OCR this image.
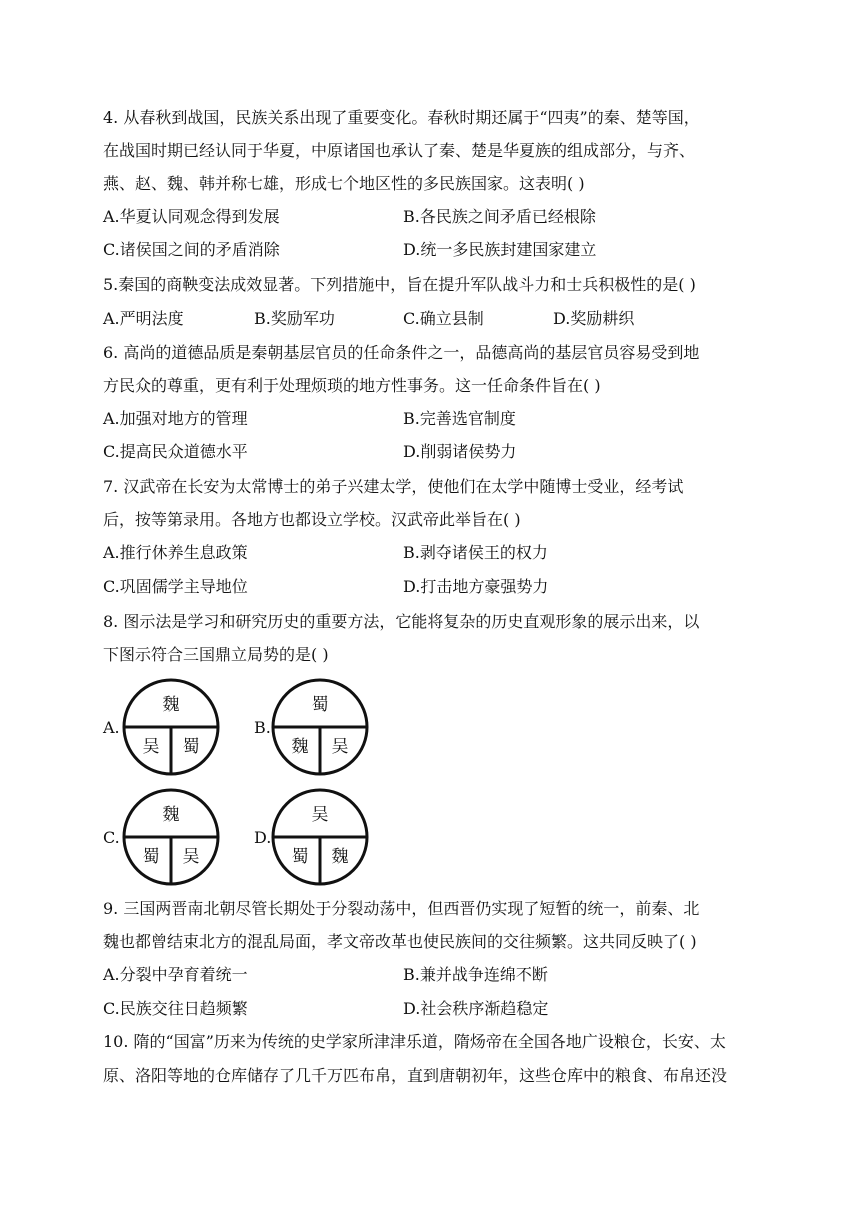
4. 从春秋到战国，民族关系出现了重要变化。春秋时期还属于“四夷”的秦、楚等国，
在战国时期已经认同于华夏，中原诸国也承认了秦、楚是华夏族的组成部分，与齐、
燕、赵、魏、韩并称七雄，形成七个地区性的多民族国家。这表明( )
A.华夏认同观念得到发展	B.各民族之间矛盾已经根除
C.诸侯国之间的矛盾消除	D.统一多民族封建国家建立
5.秦国的商鞅变法成效显著。下列措施中，旨在提升军队战斗力和士兵积极性的是( )
A.严明法度	B.奖励军功	C.确立县制	D.奖励耕织
6. 高尚的道德品质是秦朝基层官员的任命条件之一，品德高尚的基层官员容易受到地
方民众的尊重，更有利于处理烦琐的地方性事务。这一任命条件旨在( )
A.加强对地方的管理	B.完善选官制度
C.提高民众道德水平	D.削弱诸侯势力
7. 汉武帝在长安为太常博士的弟子兴建太学，使他们在太学中随博士受业，经考试
后，按等第录用。各地方也都设立学校。汉武帝此举旨在( )
A.推行休养生息政策	B.剥夺诸侯王的权力
C.巩固儒学主导地位	D.打击地方豪强势力
8. 图示法是学习和研究历史的重要方法，它能将复杂的历史直观形象的展示出来，以
下图示符合三国鼎立局势的是( )
A.
魏
吴 蜀
B.
蜀
魏 吴
C.
魏
蜀 吴
D.
吴
蜀 魏
9. 三国两晋南北朝尽管长期处于分裂动荡中，但西晋仍实现了短暂的统一，前秦、北
魏也都曾结束北方的混乱局面，孝文帝改革也使民族间的交往频繁。这共同反映了( )
A.分裂中孕育着统一	B.兼并战争连绵不断
C.民族交往日趋频繁	D.社会秩序渐趋稳定
10. 隋的“国富”历来为传统的史学家所津津乐道，隋炀帝在全国各地广设粮仓，长安、太
原、洛阳等地的仓库储存了几千万匹布帛，直到唐朝初年，这些仓库中的粮食、布帛还没
